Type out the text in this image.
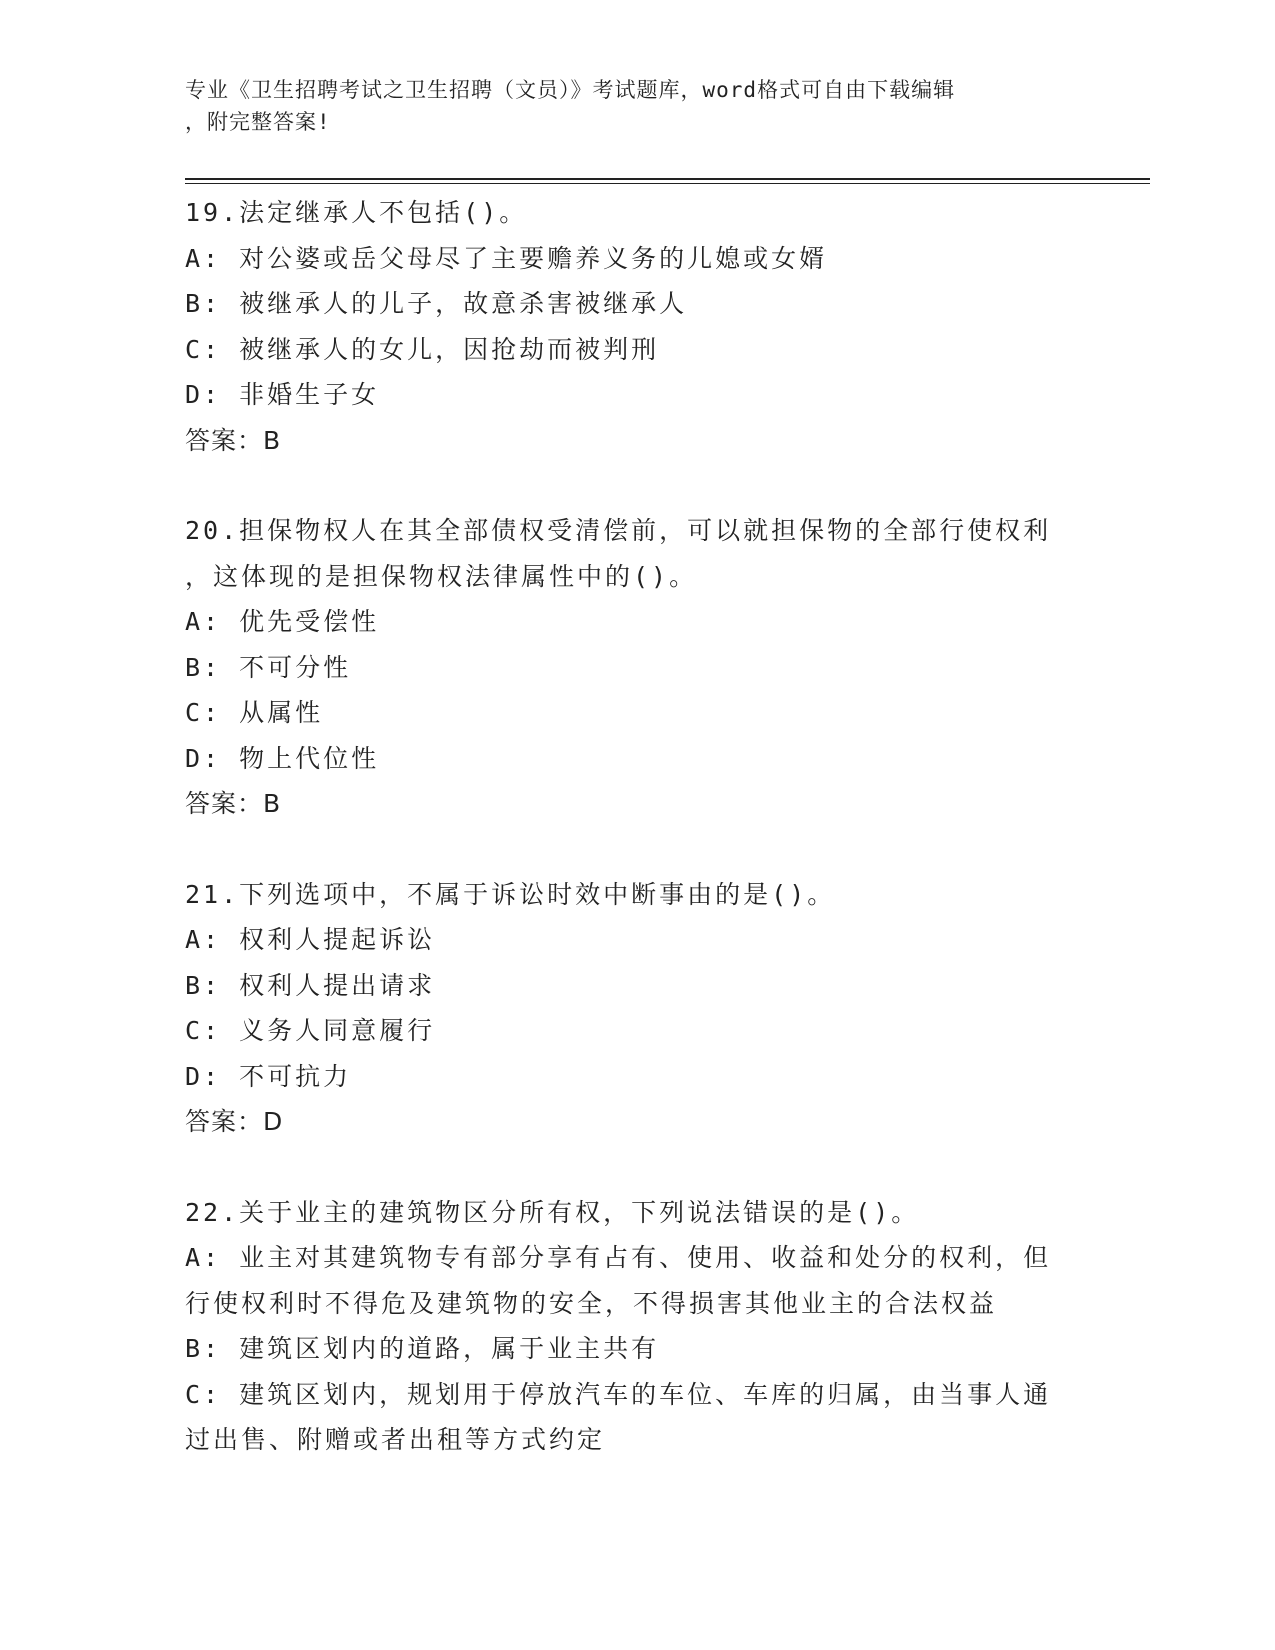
专业《卫生招聘考试之卫生招聘（文员）》考试题库，word格式可自由下载编辑
，附完整答案!
19.法定继承人不包括()。
A: 对公婆或岳父母尽了主要赡养义务的儿媳或女婿
B: 被继承人的儿子，故意杀害被继承人
C: 被继承人的女儿，因抢劫而被判刑
D: 非婚生子女
答案：B
20.担保物权人在其全部债权受清偿前，可以就担保物的全部行使权利
，这体现的是担保物权法律属性中的()。
A: 优先受偿性
B: 不可分性
C: 从属性
D: 物上代位性
答案：B
21.下列选项中，不属于诉讼时效中断事由的是()。
A: 权利人提起诉讼
B: 权利人提出请求
C: 义务人同意履行
D: 不可抗力
答案：D
22.关于业主的建筑物区分所有权，下列说法错误的是()。
A: 业主对其建筑物专有部分享有占有、使用、收益和处分的权利，但
行使权利时不得危及建筑物的安全，不得损害其他业主的合法权益
B: 建筑区划内的道路，属于业主共有
C: 建筑区划内，规划用于停放汽车的车位、车库的归属，由当事人通
过出售、附赠或者出租等方式约定
